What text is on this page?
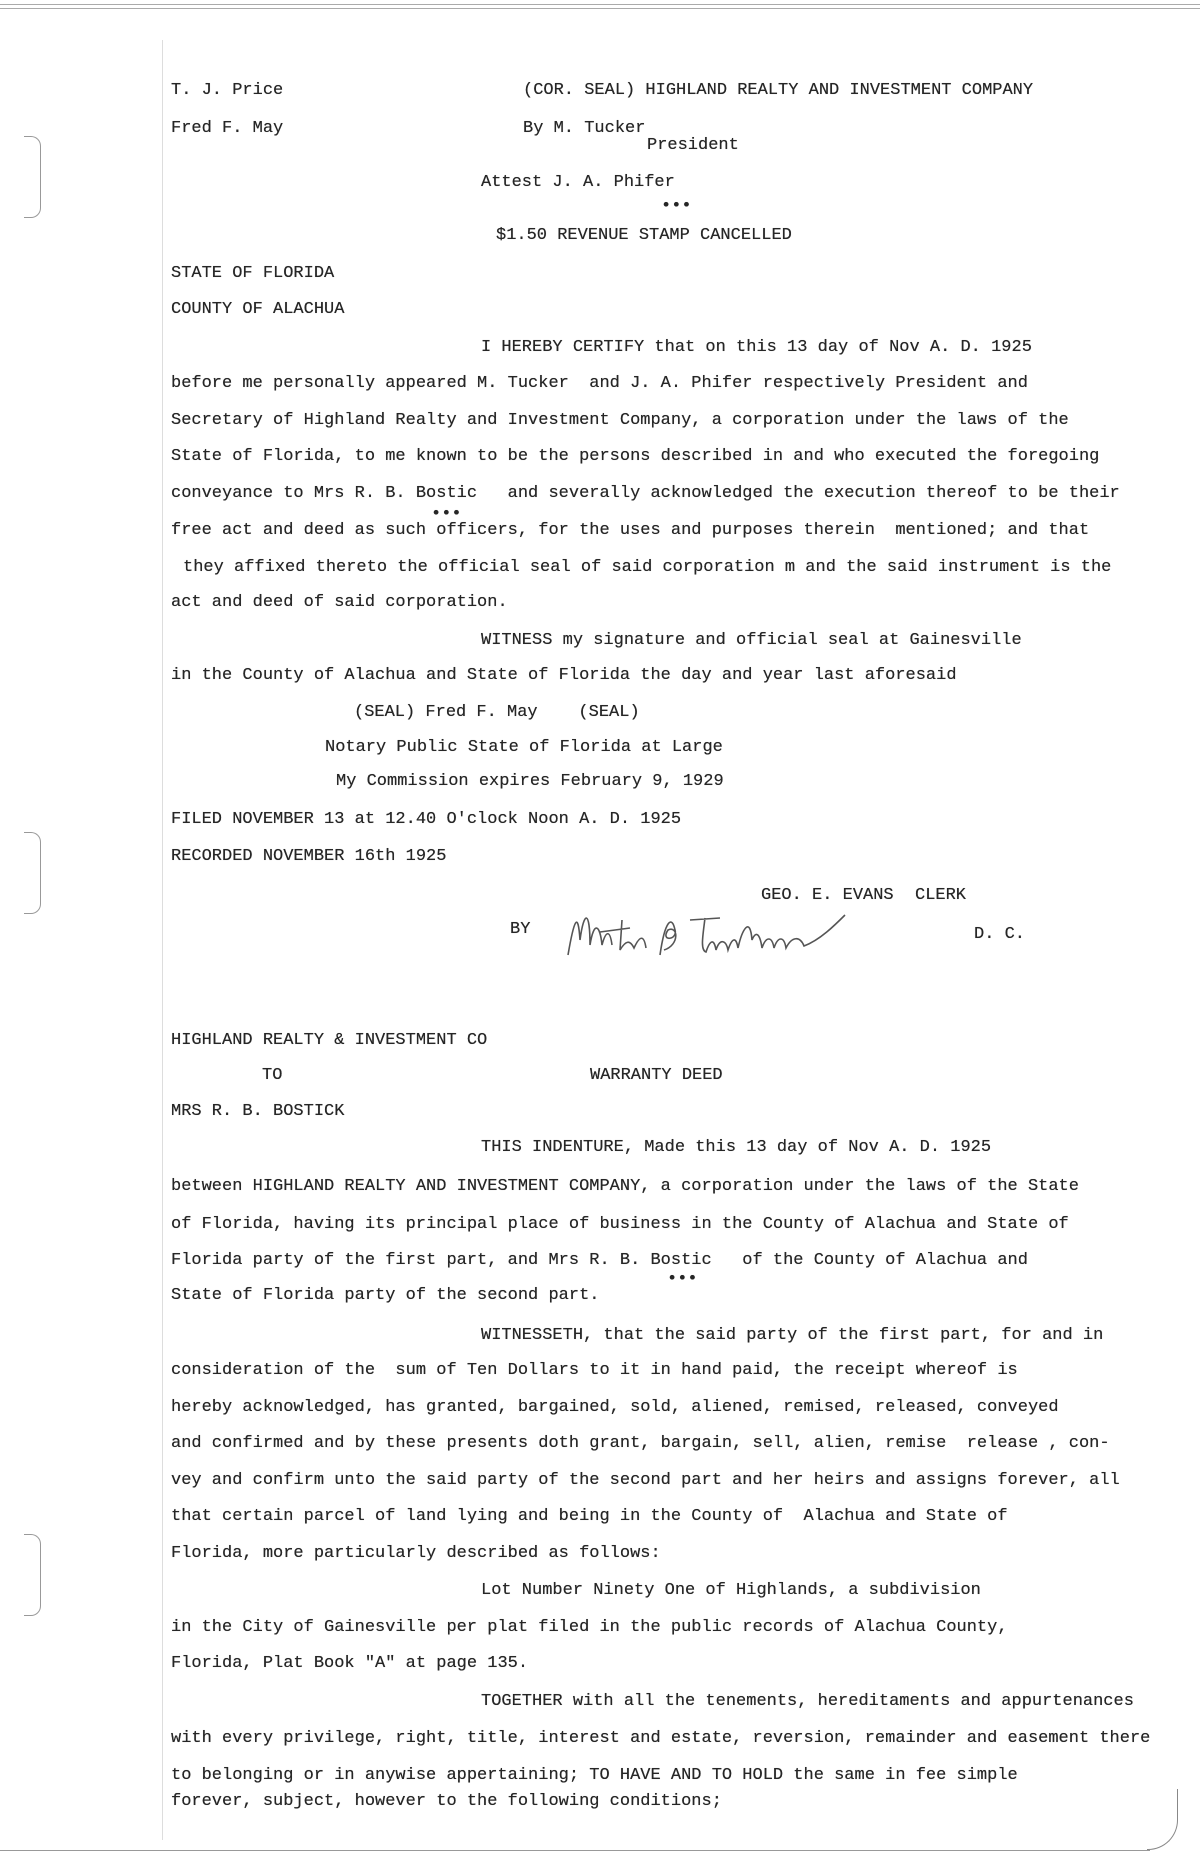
T. J. Price	(COR. SEAL) HIGHLAND REALTY AND INVESTMENT COMPANY
Fred F. May	By M. Tucker
President
Attest J. A. Phifer
•••
$1.50 REVENUE STAMP CANCELLED
STATE OF FLORIDA
COUNTY OF ALACHUA
I HEREBY CERTIFY that on this 13 day of Nov A. D. 1925
before me personally appeared M. Tucker  and J. A. Phifer respectively President and
Secretary of Highland Realty and Investment Company, a corporation under the laws of the
State of Florida, to me known to be the persons described in and who executed the foregoing
conveyance to Mrs R. B. Bostic   and severally acknowledged the execution thereof to be their
•••
free act and deed as such officers, for the uses and purposes therein  mentioned; and that
they affixed thereto the official seal of said corporation m and the said instrument is the
act and deed of said corporation.
WITNESS my signature and official seal at Gainesville
in the County of Alachua and State of Florida the day and year last aforesaid
(SEAL) Fred F. May    (SEAL)
Notary Public State of Florida at Large
My Commission expires February 9, 1929
FILED NOVEMBER 13 at 12.40 O'clock Noon A. D. 1925
RECORDED NOVEMBER 16th 1925
GEO. E. EVANS CLERK
BY	D. C.
HIGHLAND REALTY & INVESTMENT CO
TO	WARRANTY DEED
MRS R. B. BOSTICK
THIS INDENTURE, Made this 13 day of Nov A. D. 1925
between HIGHLAND REALTY AND INVESTMENT COMPANY, a corporation under the laws of the State
of Florida, having its principal place of business in the County of Alachua and State of
Florida party of the first part, and Mrs R. B. Bostic   of the County of Alachua and
•••
State of Florida party of the second part.
WITNESSETH, that the said party of the first part, for and in
consideration of the  sum of Ten Dollars to it in hand paid, the receipt whereof is
hereby acknowledged, has granted, bargained, sold, aliened, remised, released, conveyed
and confirmed and by these presents doth grant, bargain, sell, alien, remise  release , con-
vey and confirm unto the said party of the second part and her heirs and assigns forever, all
that certain parcel of land lying and being in the County of  Alachua and State of
Florida, more particularly described as follows:
Lot Number Ninety One of Highlands, a subdivision
in the City of Gainesville per plat filed in the public records of Alachua County,
Florida, Plat Book "A" at page 135.
TOGETHER with all the tenements, hereditaments and appurtenances
with every privilege, right, title, interest and estate, reversion, remainder and easement there
to belonging or in anywise appertaining; TO HAVE AND TO HOLD the same in fee simple
forever, subject, however to the following conditions;
